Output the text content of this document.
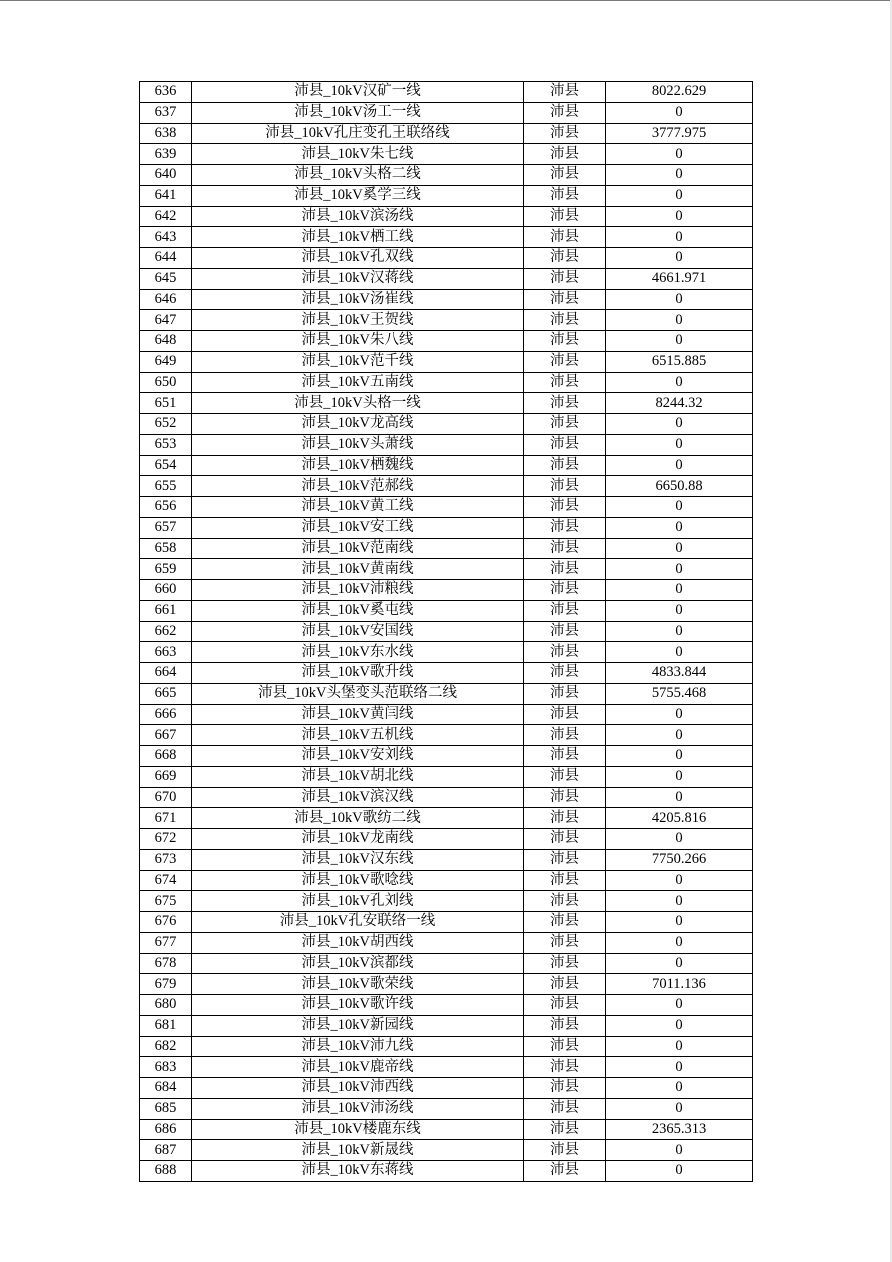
636	沛县_10kV汉矿一线	沛县	8022.629
637	沛县_10kV汤工一线	沛县	0
638	沛县_10kV孔庄变孔王联络线	沛县	3777.975
639	沛县_10kV朱七线	沛县	0
640	沛县_10kV头格二线	沛县	0
641	沛县_10kV奚学三线	沛县	0
642	沛县_10kV滨汤线	沛县	0
643	沛县_10kV栖工线	沛县	0
644	沛县_10kV孔双线	沛县	0
645	沛县_10kV汉蒋线	沛县	4661.971
646	沛县_10kV汤崔线	沛县	0
647	沛县_10kV王贺线	沛县	0
648	沛县_10kV朱八线	沛县	0
649	沛县_10kV范千线	沛县	6515.885
650	沛县_10kV五南线	沛县	0
651	沛县_10kV头格一线	沛县	8244.32
652	沛县_10kV龙高线	沛县	0
653	沛县_10kV头萧线	沛县	0
654	沛县_10kV栖魏线	沛县	0
655	沛县_10kV范郝线	沛县	6650.88
656	沛县_10kV黄工线	沛县	0
657	沛县_10kV安工线	沛县	0
658	沛县_10kV范南线	沛县	0
659	沛县_10kV黄南线	沛县	0
660	沛县_10kV沛粮线	沛县	0
661	沛县_10kV奚屯线	沛县	0
662	沛县_10kV安国线	沛县	0
663	沛县_10kV东水线	沛县	0
664	沛县_10kV歌升线	沛县	4833.844
665	沛县_10kV头堡变头范联络二线	沛县	5755.468
666	沛县_10kV黄闫线	沛县	0
667	沛县_10kV五机线	沛县	0
668	沛县_10kV安刘线	沛县	0
669	沛县_10kV胡北线	沛县	0
670	沛县_10kV滨汉线	沛县	0
671	沛县_10kV歌纺二线	沛县	4205.816
672	沛县_10kV龙南线	沛县	0
673	沛县_10kV汉东线	沛县	7750.266
674	沛县_10kV歌唸线	沛县	0
675	沛县_10kV孔刘线	沛县	0
676	沛县_10kV孔安联络一线	沛县	0
677	沛县_10kV胡西线	沛县	0
678	沛县_10kV滨都线	沛县	0
679	沛县_10kV歌荣线	沛县	7011.136
680	沛县_10kV歌许线	沛县	0
681	沛县_10kV新园线	沛县	0
682	沛县_10kV沛九线	沛县	0
683	沛县_10kV鹿帝线	沛县	0
684	沛县_10kV沛西线	沛县	0
685	沛县_10kV沛汤线	沛县	0
686	沛县_10kV楼鹿东线	沛县	2365.313
687	沛县_10kV新晟线	沛县	0
688	沛县_10kV东蒋线	沛县	0
